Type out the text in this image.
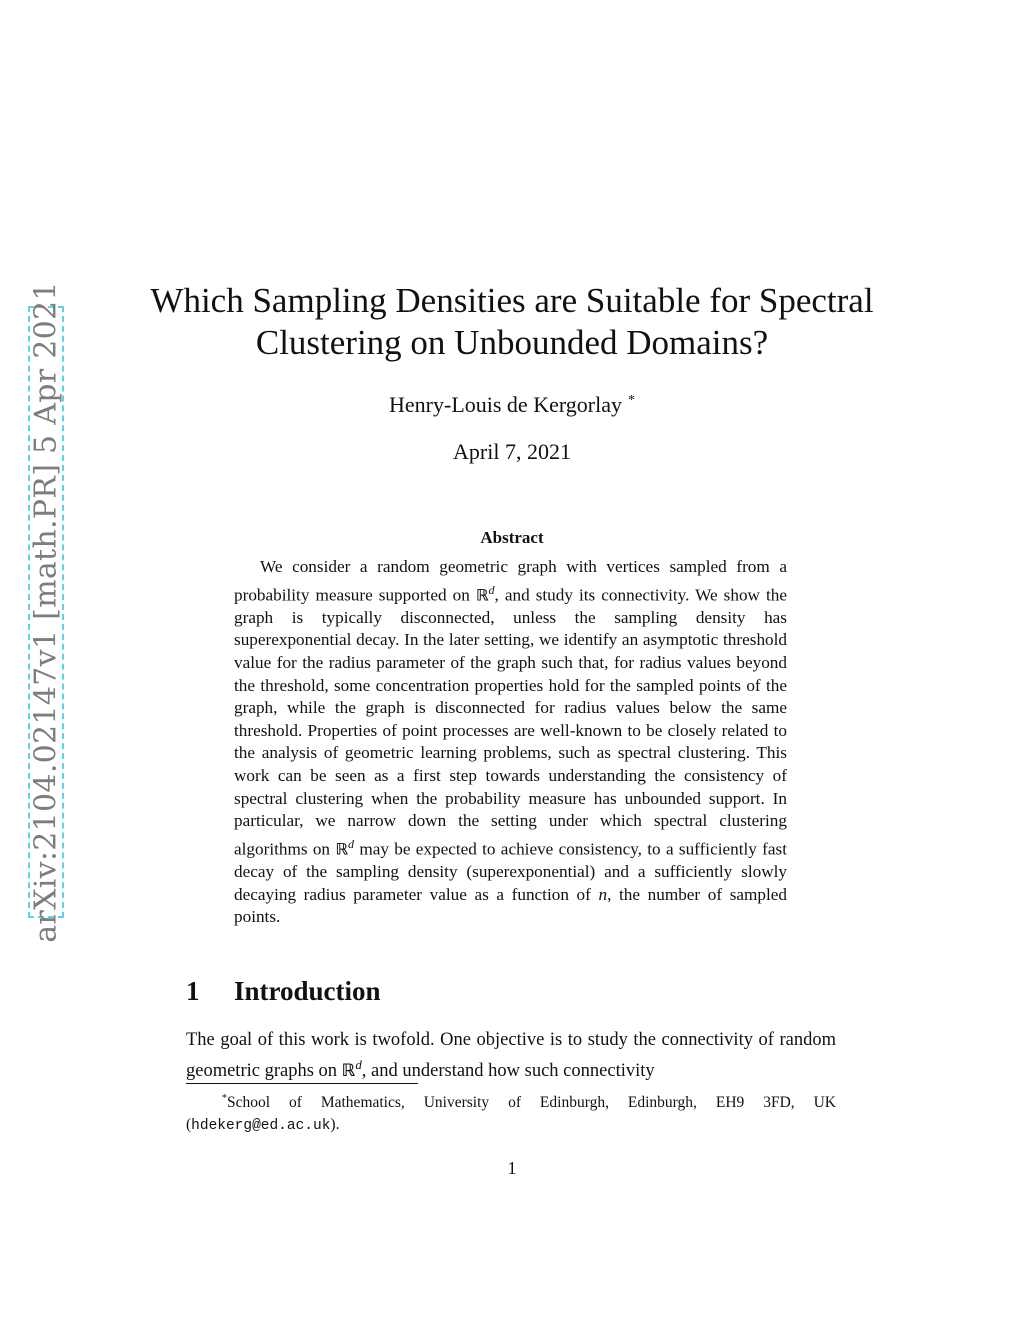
arXiv:2104.02147v1 [math.PR] 5 Apr 2021	Which Sampling Densities are Suitable for Spectral Clustering on Unbounded Domains?
Henry-Louis de Kergorlay *
April 7, 2021
Abstract
We consider a random geometric graph with vertices sampled from a probability measure supported on ℝ$^d$, and study its connectivity. We show the graph is typically disconnected, unless the sampling density has superexponential decay. In the later setting, we identify an asymptotic threshold value for the radius parameter of the graph such that, for radius values beyond the threshold, some concentration properties hold for the sampled points of the graph, while the graph is disconnected for radius values below the same threshold. Properties of point processes are well-known to be closely related to the analysis of geometric learning problems, such as spectral clustering. This work can be seen as a first step towards understanding the consistency of spectral clustering when the probability measure has unbounded support. In particular, we narrow down the setting under which spectral clustering algorithms on ℝ$^d$ may be expected to achieve consistency, to a sufficiently fast decay of the sampling density (superexponential) and a sufficiently slowly decaying radius parameter value as a function of n, the number of sampled points.
1 Introduction
The goal of this work is twofold. One objective is to study the connectivity of random geometric graphs on ℝ$^d$, and understand how such connectivity
*School of Mathematics, University of Edinburgh, Edinburgh, EH9 3FD, UK (hdekerg@ed.ac.uk).
1
